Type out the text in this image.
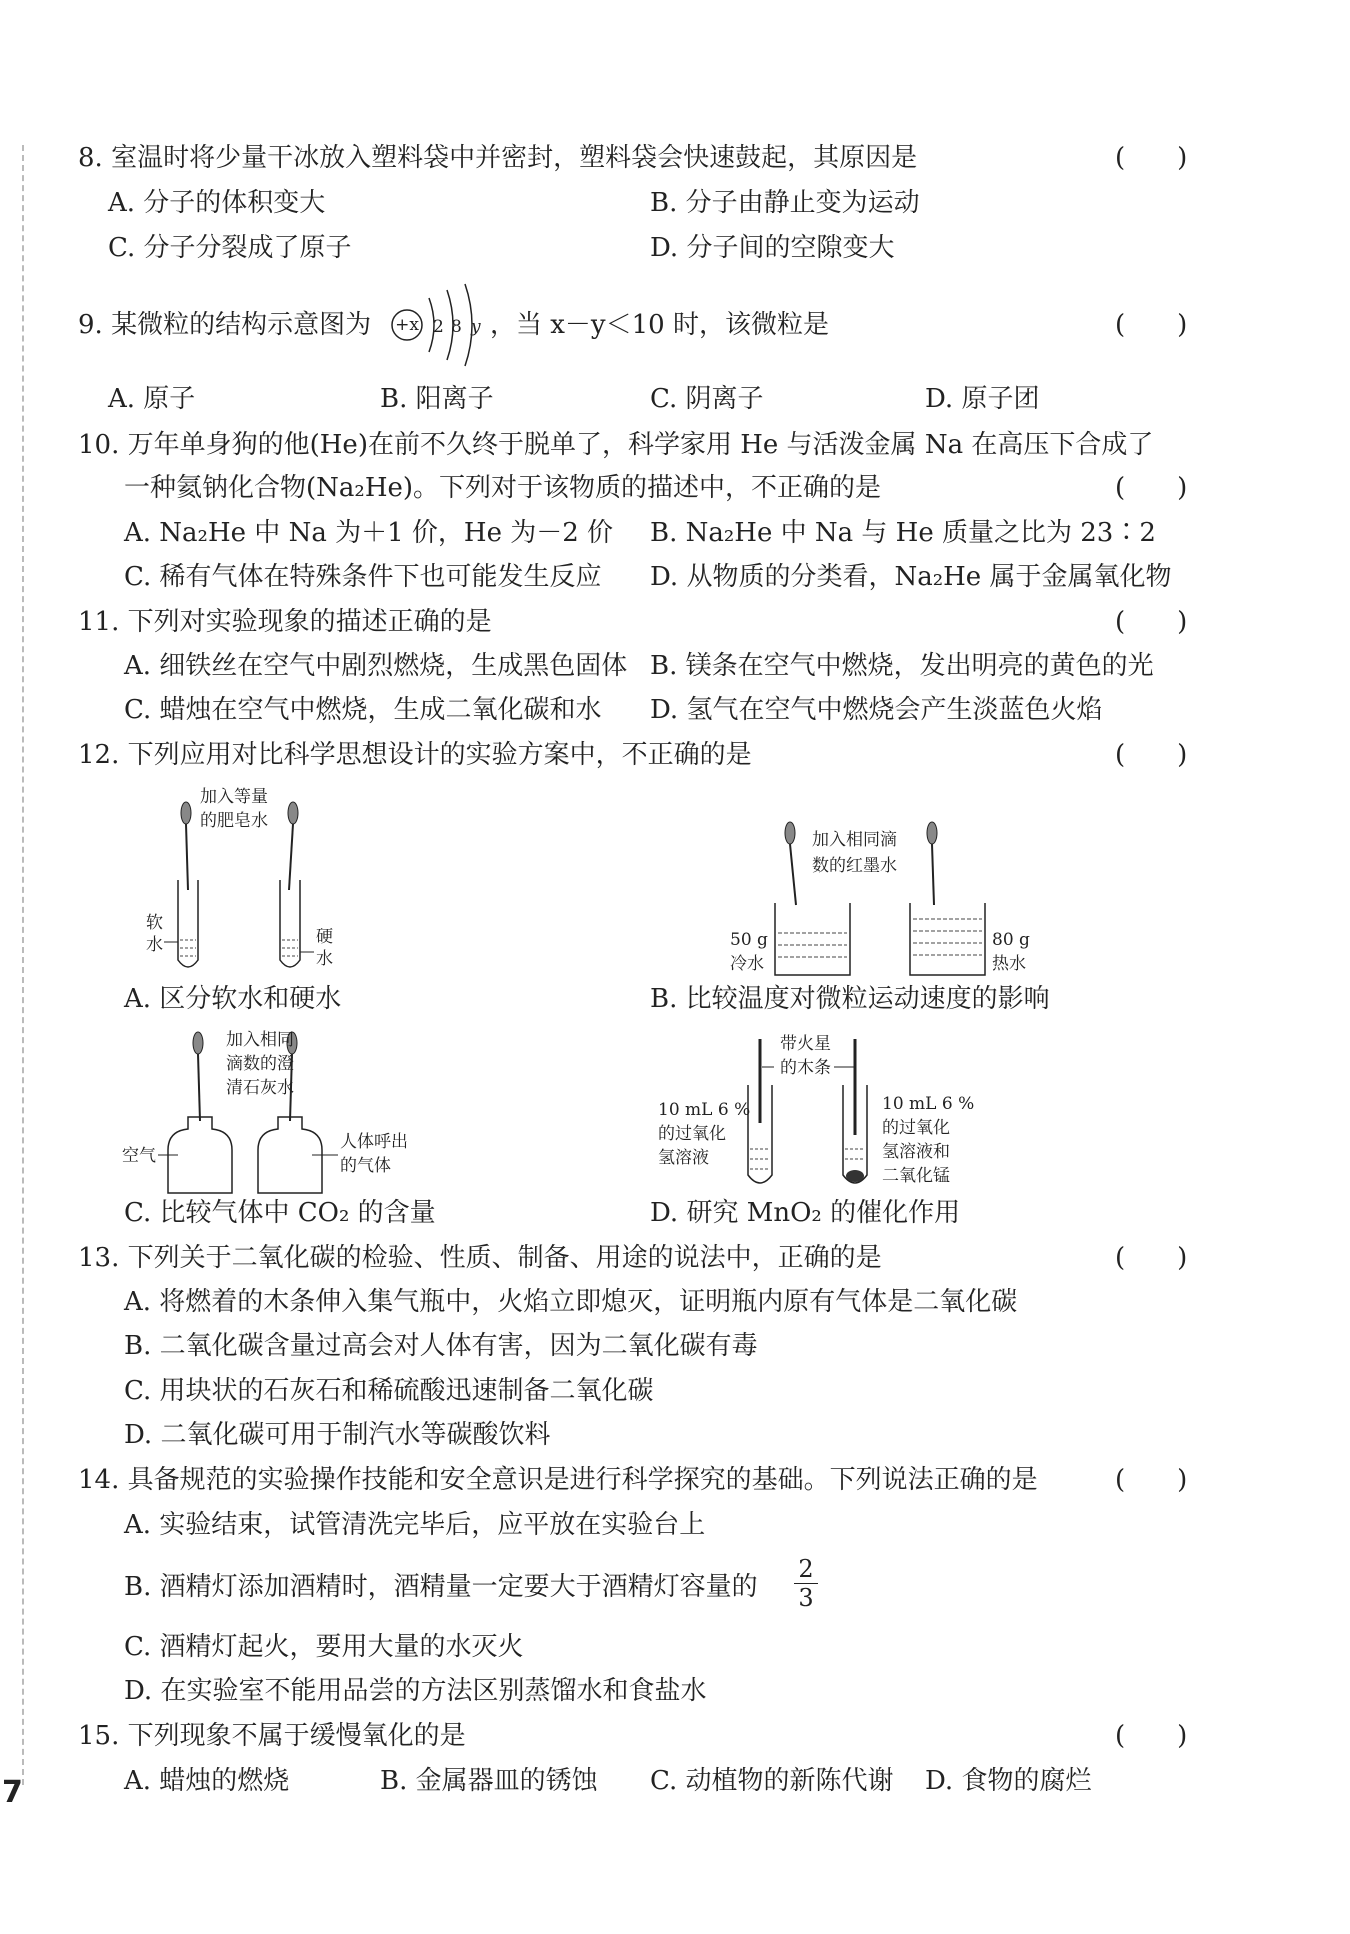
8. 室温时将少量干冰放入塑料袋中并密封，塑料袋会快速鼓起，其原因是	(　　)
A. 分子的体积变大	B. 分子由静止变为运动
C. 分子分裂成了原子	D. 分子间的空隙变大
9. 某微粒的结构示意图为 +x 2 8 y ，当 x－y＜10 时，该微粒是	(　　)
A. 原子	B. 阳离子	C. 阴离子	D. 原子团
10. 万年单身狗的他(He)在前不久终于脱单了，科学家用 He 与活泼金属 Na 在高压下合成了
一种氦钠化合物(Na₂He)。下列对于该物质的描述中，不正确的是	(　　)
A. Na₂He 中 Na 为＋1 价，He 为－2 价 B. Na₂He 中 Na 与 He 质量之比为 23∶2
C. 稀有气体在特殊条件下也可能发生反应 D. 从物质的分类看，Na₂He 属于金属氧化物
11. 下列对实验现象的描述正确的是	(　　)
A. 细铁丝在空气中剧烈燃烧，生成黑色固体 B. 镁条在空气中燃烧，发出明亮的黄色的光
C. 蜡烛在空气中燃烧，生成二氧化碳和水 D. 氢气在空气中燃烧会产生淡蓝色火焰
12. 下列应用对比科学思想设计的实验方案中，不正确的是	(　　)
加入等量
的肥皂水
软
水	硬
水
A. 区分软水和硬水
加入相同滴
数的红墨水
50 g
冷水
80 g
热水
B. 比较温度对微粒运动速度的影响
加入相同
滴数的澄
清石灰水
空气
人体呼出
的气体
C. 比较气体中 CO₂ 的含量
带火星
的木条
10 mL 6 %
的过氧化
氢溶液
10 mL 6 %
的过氧化
氢溶液和
二氧化锰
D. 研究 MnO₂ 的催化作用
13. 下列关于二氧化碳的检验、性质、制备、用途的说法中，正确的是	(　　)
A. 将燃着的木条伸入集气瓶中，火焰立即熄灭，证明瓶内原有气体是二氧化碳
B. 二氧化碳含量过高会对人体有害，因为二氧化碳有毒
C. 用块状的石灰石和稀硫酸迅速制备二氧化碳
D. 二氧化碳可用于制汽水等碳酸饮料
14. 具备规范的实验操作技能和安全意识是进行科学探究的基础。下列说法正确的是	(　　)
A. 实验结束，试管清洗完毕后，应平放在实验台上
B. 酒精灯添加酒精时，酒精量一定要大于酒精灯容量的 $\frac{2}{3}$
C. 酒精灯起火，要用大量的水灭火
D. 在实验室不能用品尝的方法区别蒸馏水和食盐水
15. 下列现象不属于缓慢氧化的是	(　　)
A. 蜡烛的燃烧	B. 金属器皿的锈蚀 C. 动植物的新陈代谢 D. 食物的腐烂
7
